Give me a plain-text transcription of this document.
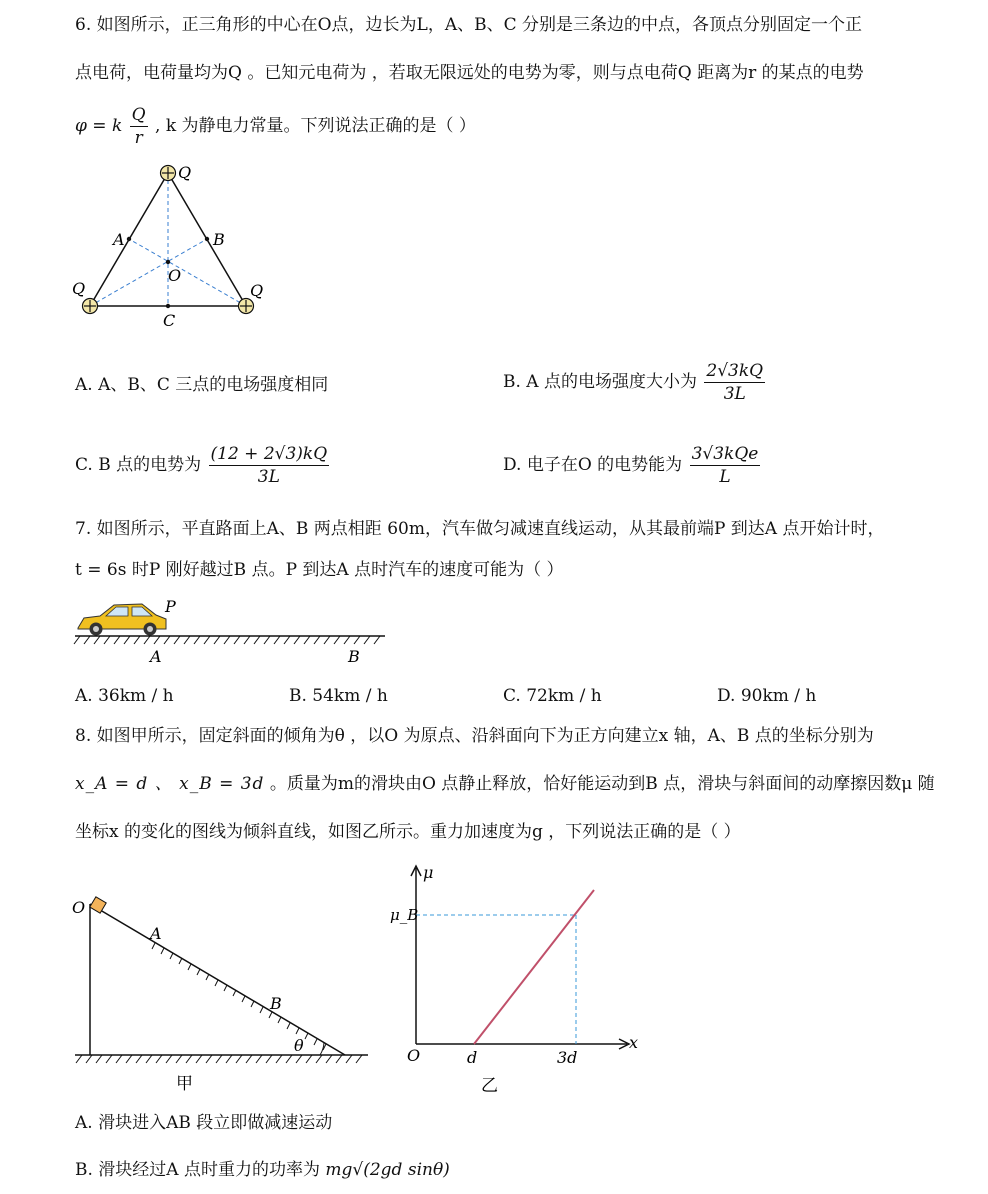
6. 如图所示，正三角形的中心在O点，边长为L，A、B、C 分别是三条边的中点，各顶点分别固定一个正
点电荷，电荷量均为Q 。已知元电荷为 ，若取无限远处的电势为零，则与点电荷Q 距离为r 的某点的电势
φ = k $\frac{Q}{r}$ , k 为静电力常量。下列说法正确的是（ ）
Q
Q	Q
A	B
O
C
A. A、B、C 三点的电场强度相同	B. A 点的电场强度大小为 $\frac{2√3kQ}{3L}$
C. B 点的电势为 $\frac{(12 + 2√3)kQ}{3L}$	D. 电子在O 的电势能为 $\frac{\text{3√3kQe}}{L}$
7. 如图所示，平直路面上A、B 两点相距 60m，汽车做匀减速直线运动，从其最前端P 到达A 点开始计时，
t = 6s 时P 刚好越过B 点。P 到达A 点时汽车的速度可能为（ ）
P
A	B
A. 36km / h	B. 54km / h	C. 72km / h	D. 90km / h
8. 如图甲所示，固定斜面的倾角为θ ，以O 为原点、沿斜面向下为正方向建立x 轴，A、B 点的坐标分别为
x_A = d 、 x_B = 3d 。质量为m的滑块由O 点静止释放，恰好能运动到B 点，滑块与斜面间的动摩擦因数μ 随
坐标x 的变化的图线为倾斜直线，如图乙所示。重力加速度为g ，下列说法正确的是（ ）
O
A
B
θ
甲
μ
μ_B
O	d	3d
x
乙
A. 滑块进入AB 段立即做减速运动
B. 滑块经过A 点时重力的功率为 mg√(2gd sinθ)
